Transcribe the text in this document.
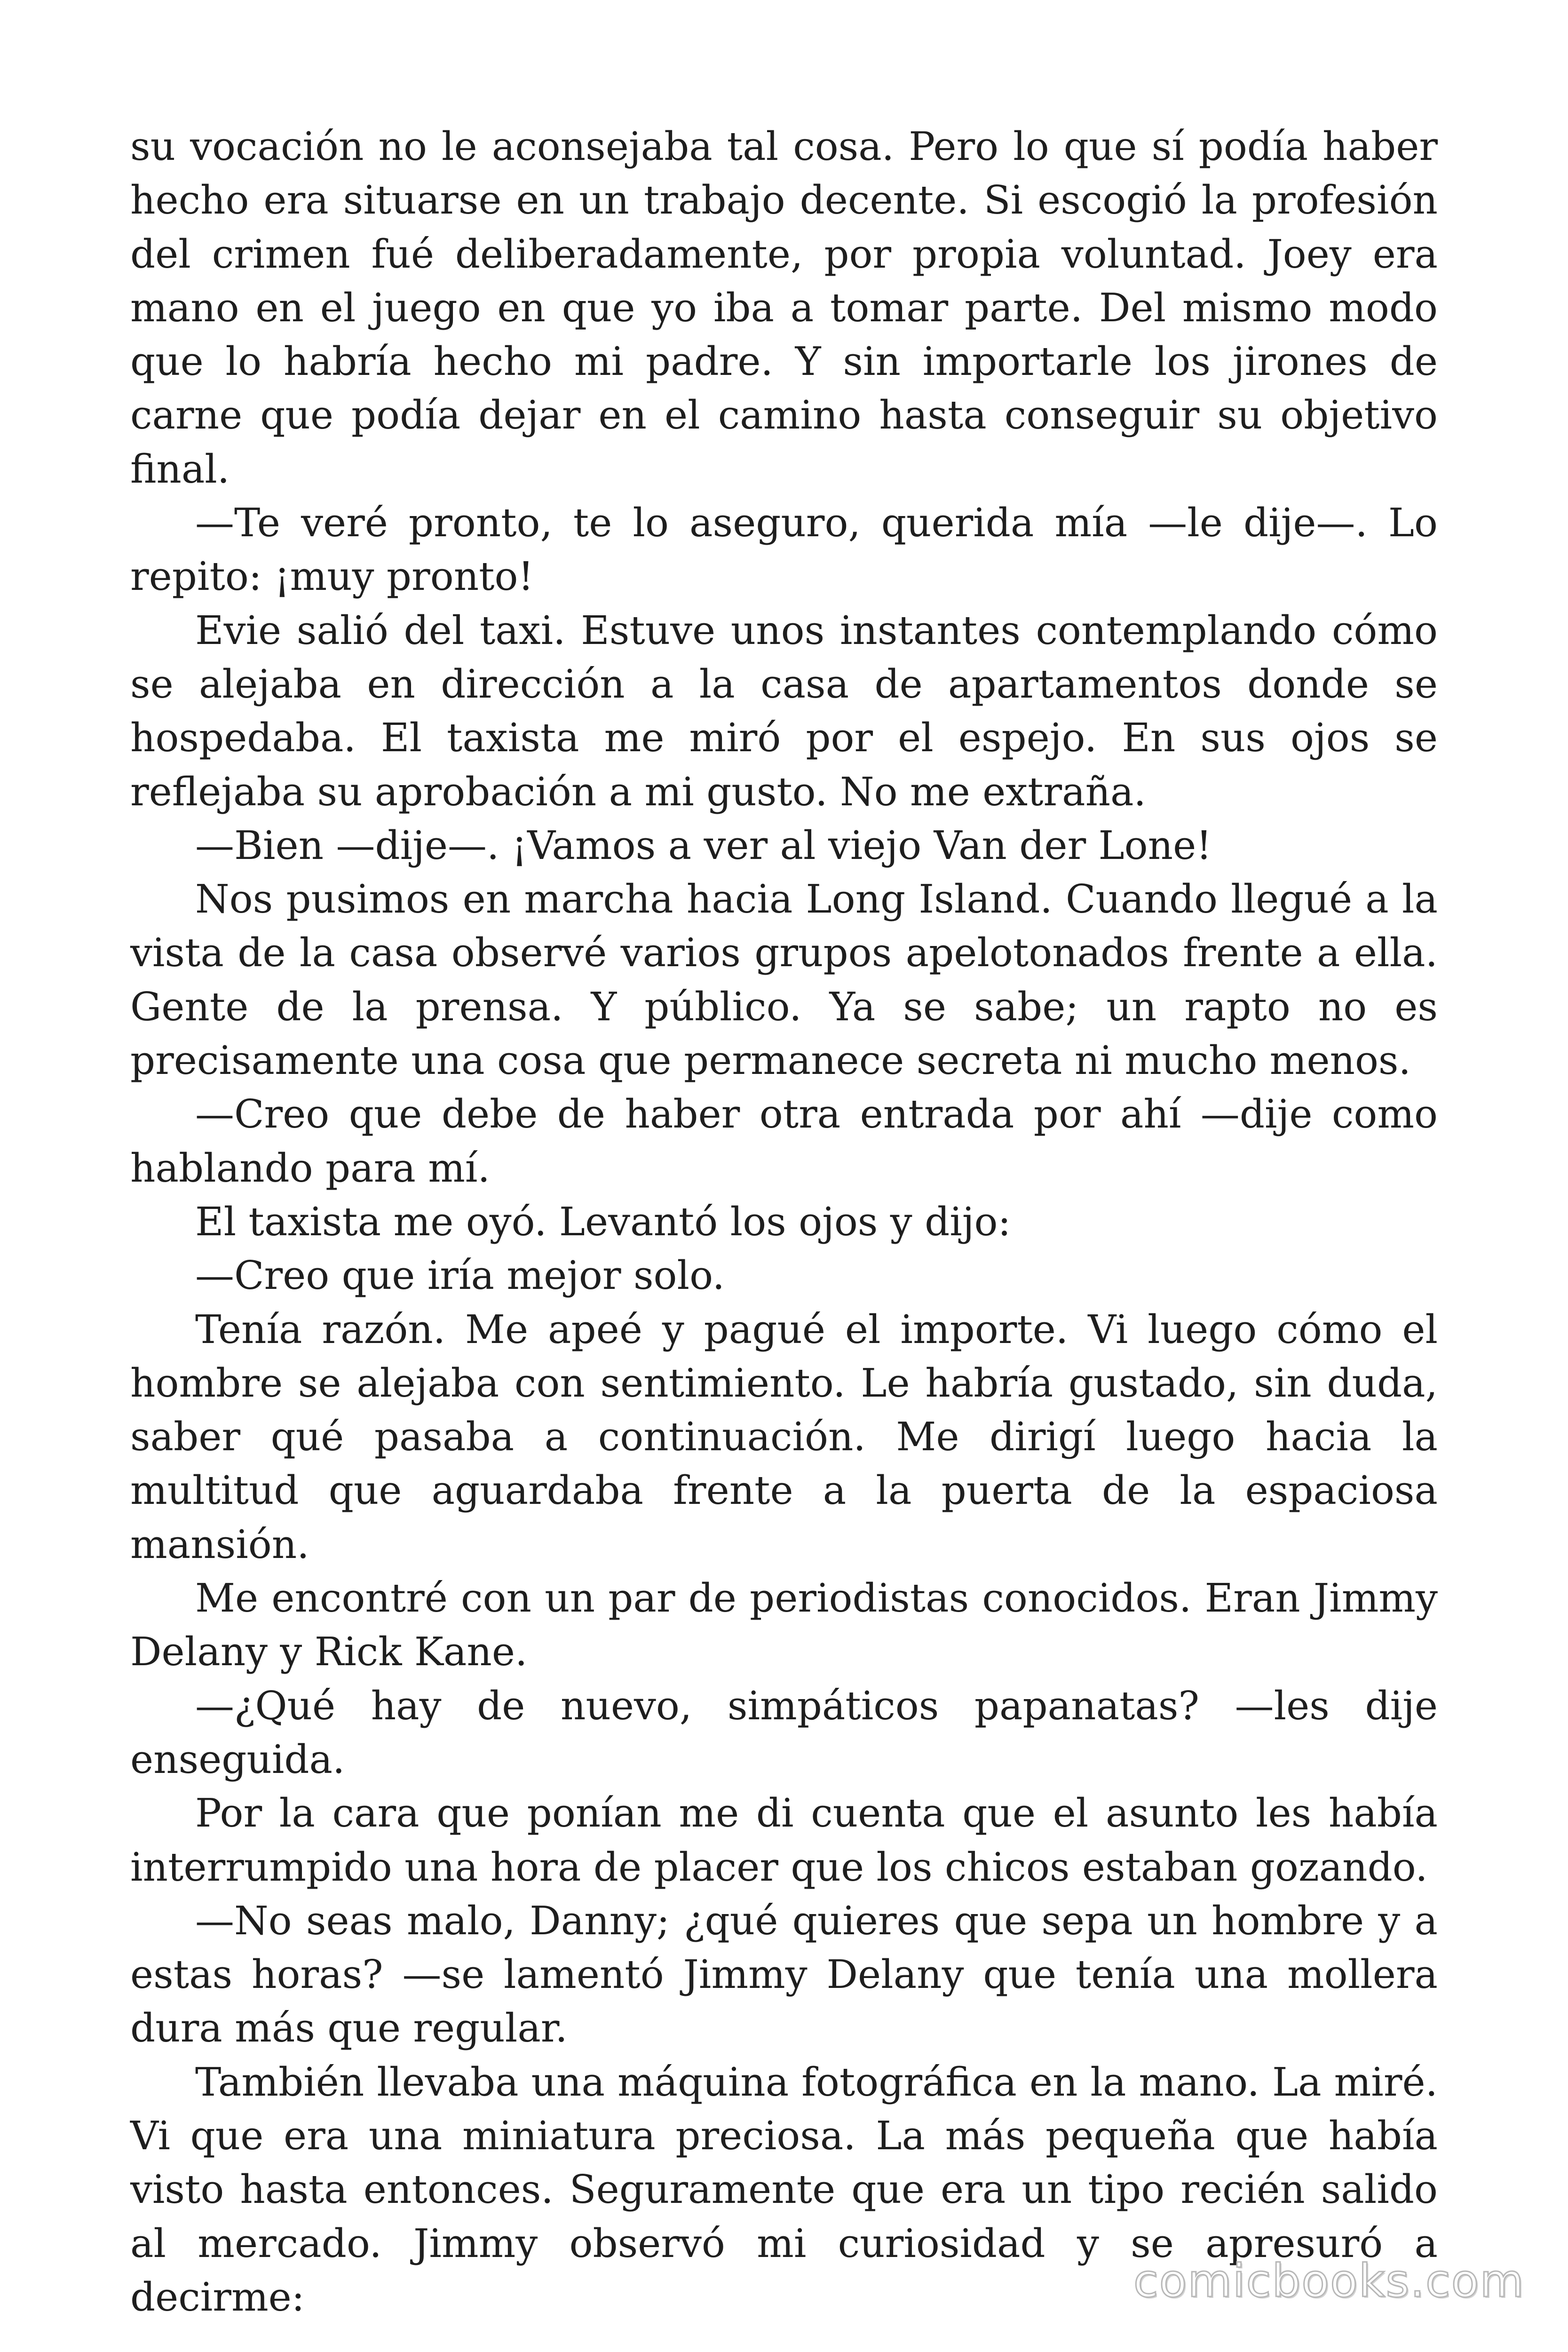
su vocación no le aconsejaba tal cosa. Pero lo que sí podía haber hecho era situarse en un trabajo decente. Si escogió la profesión del crimen fué deliberadamente, por propia voluntad. Joey era mano en el juego en que yo iba a tomar parte. Del mismo modo que lo habría hecho mi padre. Y sin importarle los jirones de carne que podía dejar en el camino hasta conseguir su objetivo final.

—Te veré pronto, te lo aseguro, querida mía —le dije—. Lo repito: ¡muy pronto!

Evie salió del taxi. Estuve unos instantes contemplando cómo se alejaba en dirección a la casa de apartamentos donde se hospedaba. El taxista me miró por el espejo. En sus ojos se reflejaba su aprobación a mi gusto. No me extraña.

—Bien —dije—. ¡Vamos a ver al viejo Van der Lone!

Nos pusimos en marcha hacia Long Island. Cuando llegué a la vista de la casa observé varios grupos apelotonados frente a ella. Gente de la prensa. Y público. Ya se sabe; un rapto no es precisamente una cosa que permanece secreta ni mucho menos.

—Creo que debe de haber otra entrada por ahí —dije como hablando para mí.

El taxista me oyó. Levantó los ojos y dijo:

—Creo que iría mejor solo.

Tenía razón. Me apeé y pagué el importe. Vi luego cómo el hombre se alejaba con sentimiento. Le habría gustado, sin duda, saber qué pasaba a continuación. Me dirigí luego hacia la multitud que aguardaba frente a la puerta de la espaciosa mansión.

Me encontré con un par de periodistas conocidos. Eran Jimmy Delany y Rick Kane.

—¿Qué hay de nuevo, simpáticos papanatas? —les dije enseguida.

Por la cara que ponían me di cuenta que el asunto les había interrumpido una hora de placer que los chicos estaban gozando.

—No seas malo, Danny; ¿qué quieres que sepa un hombre y a estas horas? —se lamentó Jimmy Delany que tenía una mollera dura más que regular.

También llevaba una máquina fotográfica en la mano. La miré. Vi que era una miniatura preciosa. La más pequeña que había visto hasta entonces. Seguramente que era un tipo recién salido al mercado. Jimmy observó mi curiosidad y se apresuró a decirme:	comicbooks.com
